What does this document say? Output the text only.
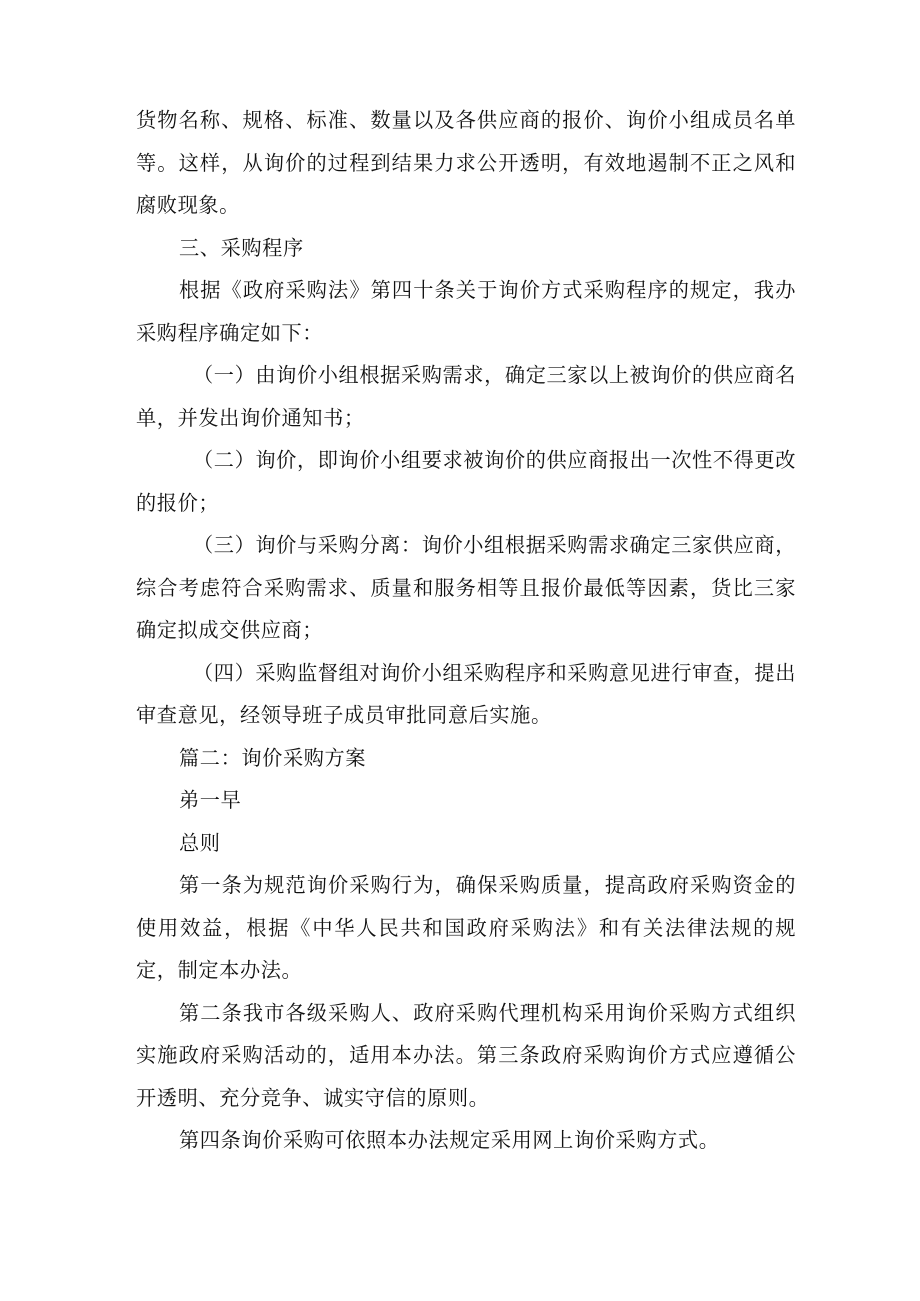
货物名称、规格、标准、数量以及各供应商的报价、询价小组成员名单等。这样，从询价的过程到结果力求公开透明，有效地遏制不正之风和腐败现象。

三、采购程序

根据《政府采购法》第四十条关于询价方式采购程序的规定，我办采购程序确定如下：

（一）由询价小组根据采购需求，确定三家以上被询价的供应商名单，并发出询价通知书；

（二）询价，即询价小组要求被询价的供应商报出一次性不得更改的报价；

（三）询价与采购分离：询价小组根据采购需求确定三家供应商，综合考虑符合采购需求、质量和服务相等且报价最低等因素，货比三家确定拟成交供应商；

（四）采购监督组对询价小组采购程序和采购意见进行审查，提出审查意见，经领导班子成员审批同意后实施。

篇二：询价采购方案

弟一早

总则

第一条为规范询价采购行为，确保采购质量，提高政府采购资金的使用效益，根据《中华人民共和国政府采购法》和有关法律法规的规定，制定本办法。

第二条我市各级采购人、政府采购代理机构采用询价采购方式组织实施政府采购活动的，适用本办法。第三条政府采购询价方式应遵循公开透明、充分竞争、诚实守信的原则。

第四条询价采购可依照本办法规定采用网上询价采购方式。
